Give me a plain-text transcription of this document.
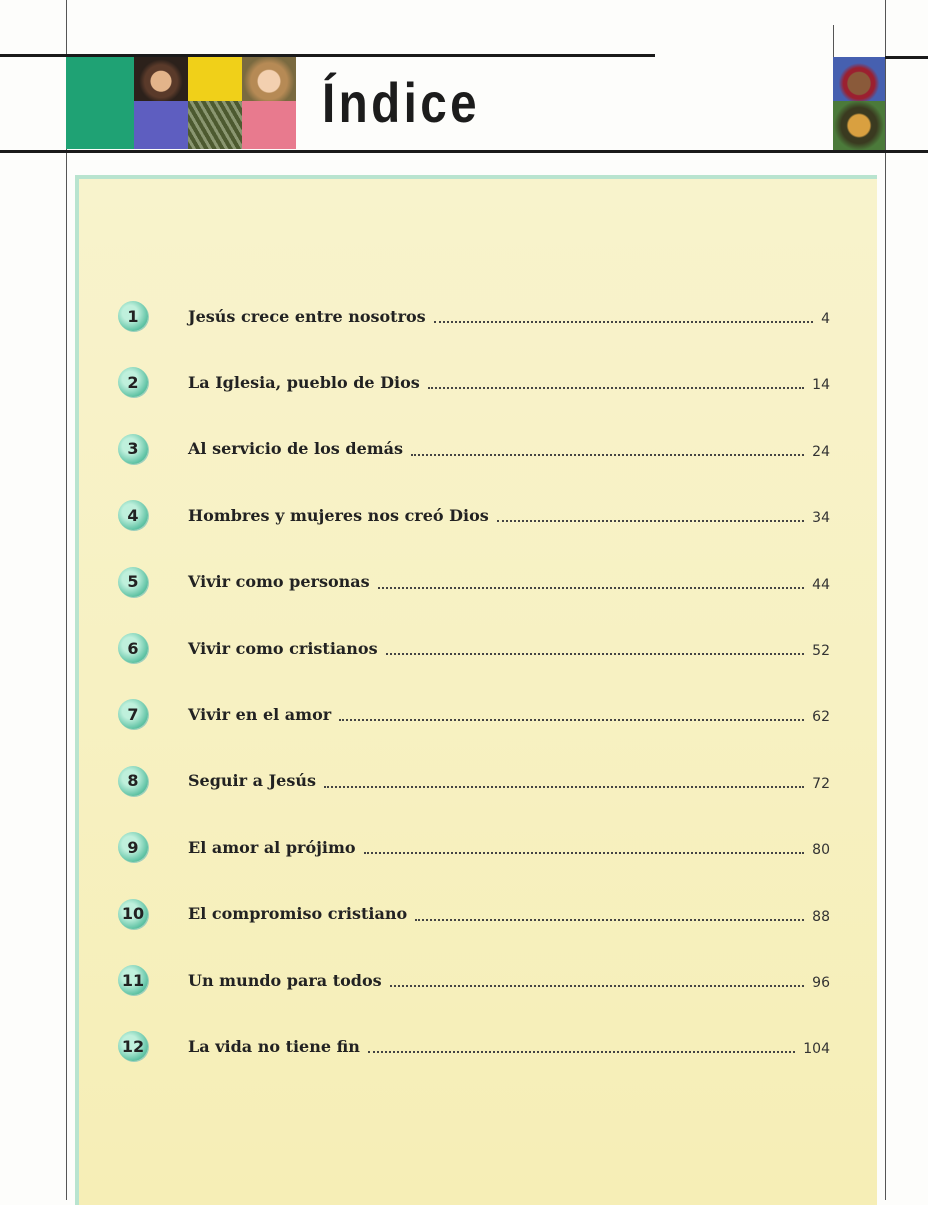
Índice
1	Jesús crece entre nosotros	4
2	La Iglesia, pueblo de Dios	14
3	Al servicio de los demás	24
4	Hombres y mujeres nos creó Dios	34
5	Vivir como personas	44
6	Vivir como cristianos	52
7	Vivir en el amor	62
8	Seguir a Jesús	72
9	El amor al prójimo	80
10	El compromiso cristiano	88
11	Un mundo para todos	96
12	La vida no tiene fin	104
